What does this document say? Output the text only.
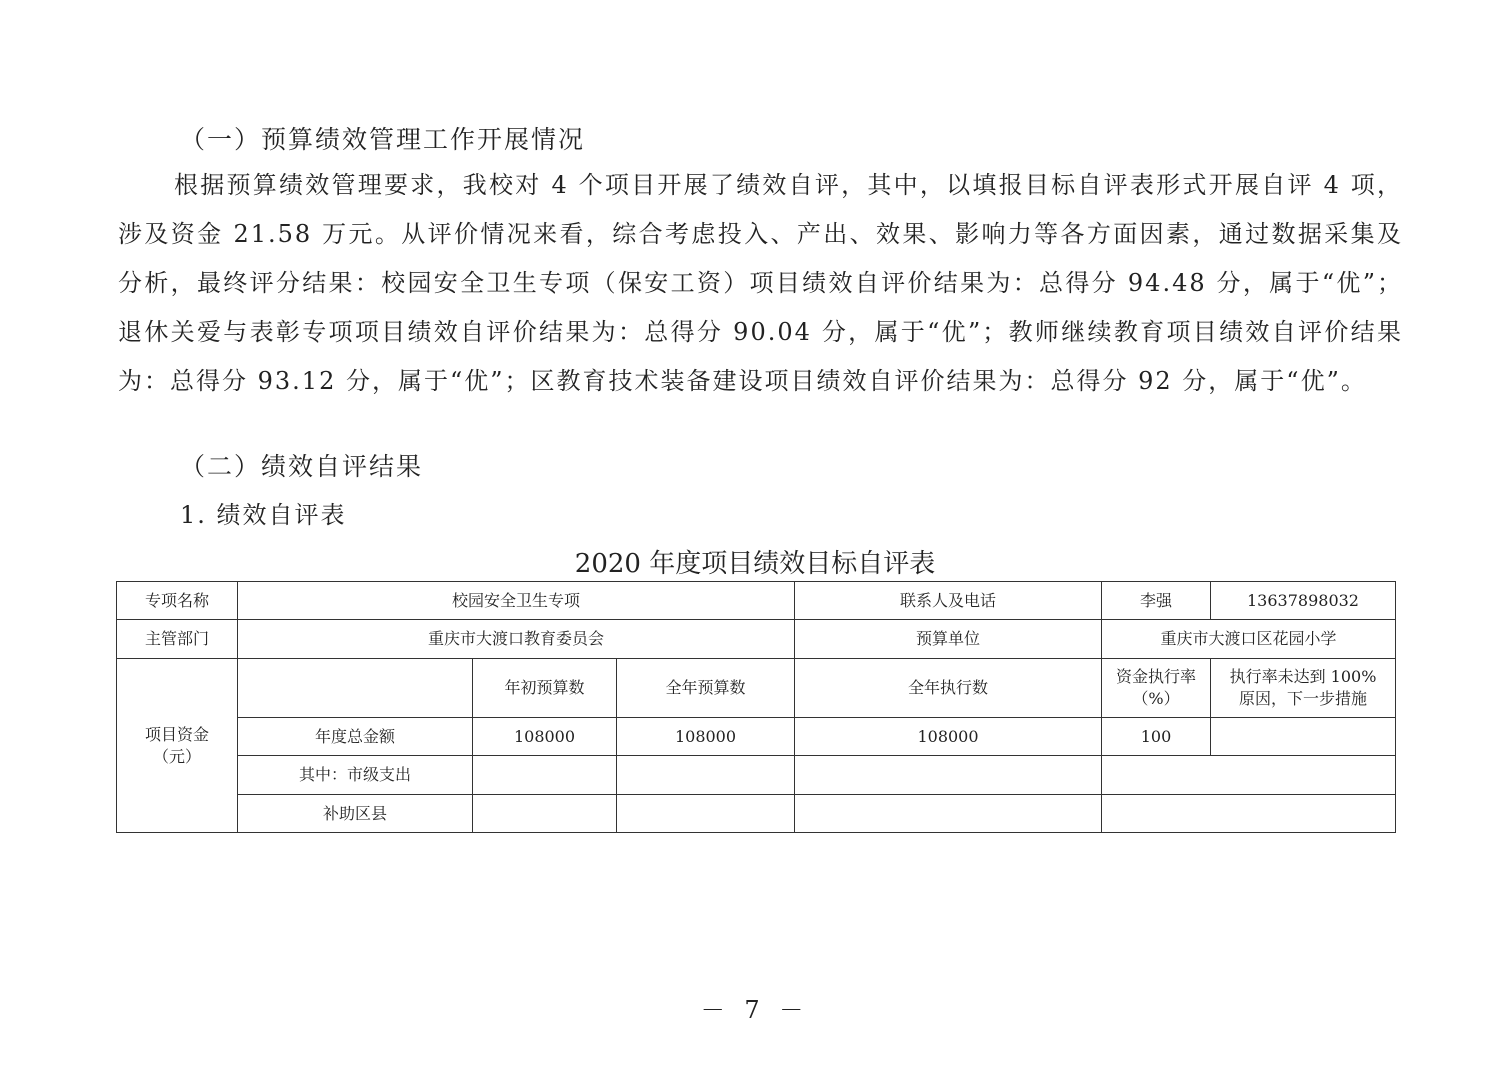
（一）预算绩效管理工作开展情况
根据预算绩效管理要求，我校对 4 个项目开展了绩效自评，其中，以填报目标自评表形式开展自评 4 项，涉及资金 21.58 万元。从评价情况来看，综合考虑投入、产出、效果、影响力等各方面因素，通过数据采集及分析，最终评分结果：校园安全卫生专项（保安工资）项目绩效自评价结果为：总得分 94.48 分，属于“优”；退休关爱与表彰专项项目绩效自评价结果为：总得分 90.04 分，属于“优”；教师继续教育项目绩效自评价结果为：总得分 93.12 分，属于“优”；区教育技术装备建设项目绩效自评价结果为：总得分 92 分，属于“优”。
（二）绩效自评结果
1. 绩效自评表
2020 年度项目绩效目标自评表
专项名称	校园安全卫生专项			联系人及电话	李强	13637898032
主管部门	重庆市大渡口教育委员会			预算单位	重庆市大渡口区花园小学	
项目资金（元）		年初预算数	全年预算数	全年执行数	资金执行率（%）	执行率未达到 100% 原因，下一步措施
	年度总金额	108000	108000	108000	100	
	其中：市级支出					
	补助区县					
－ 7 －
